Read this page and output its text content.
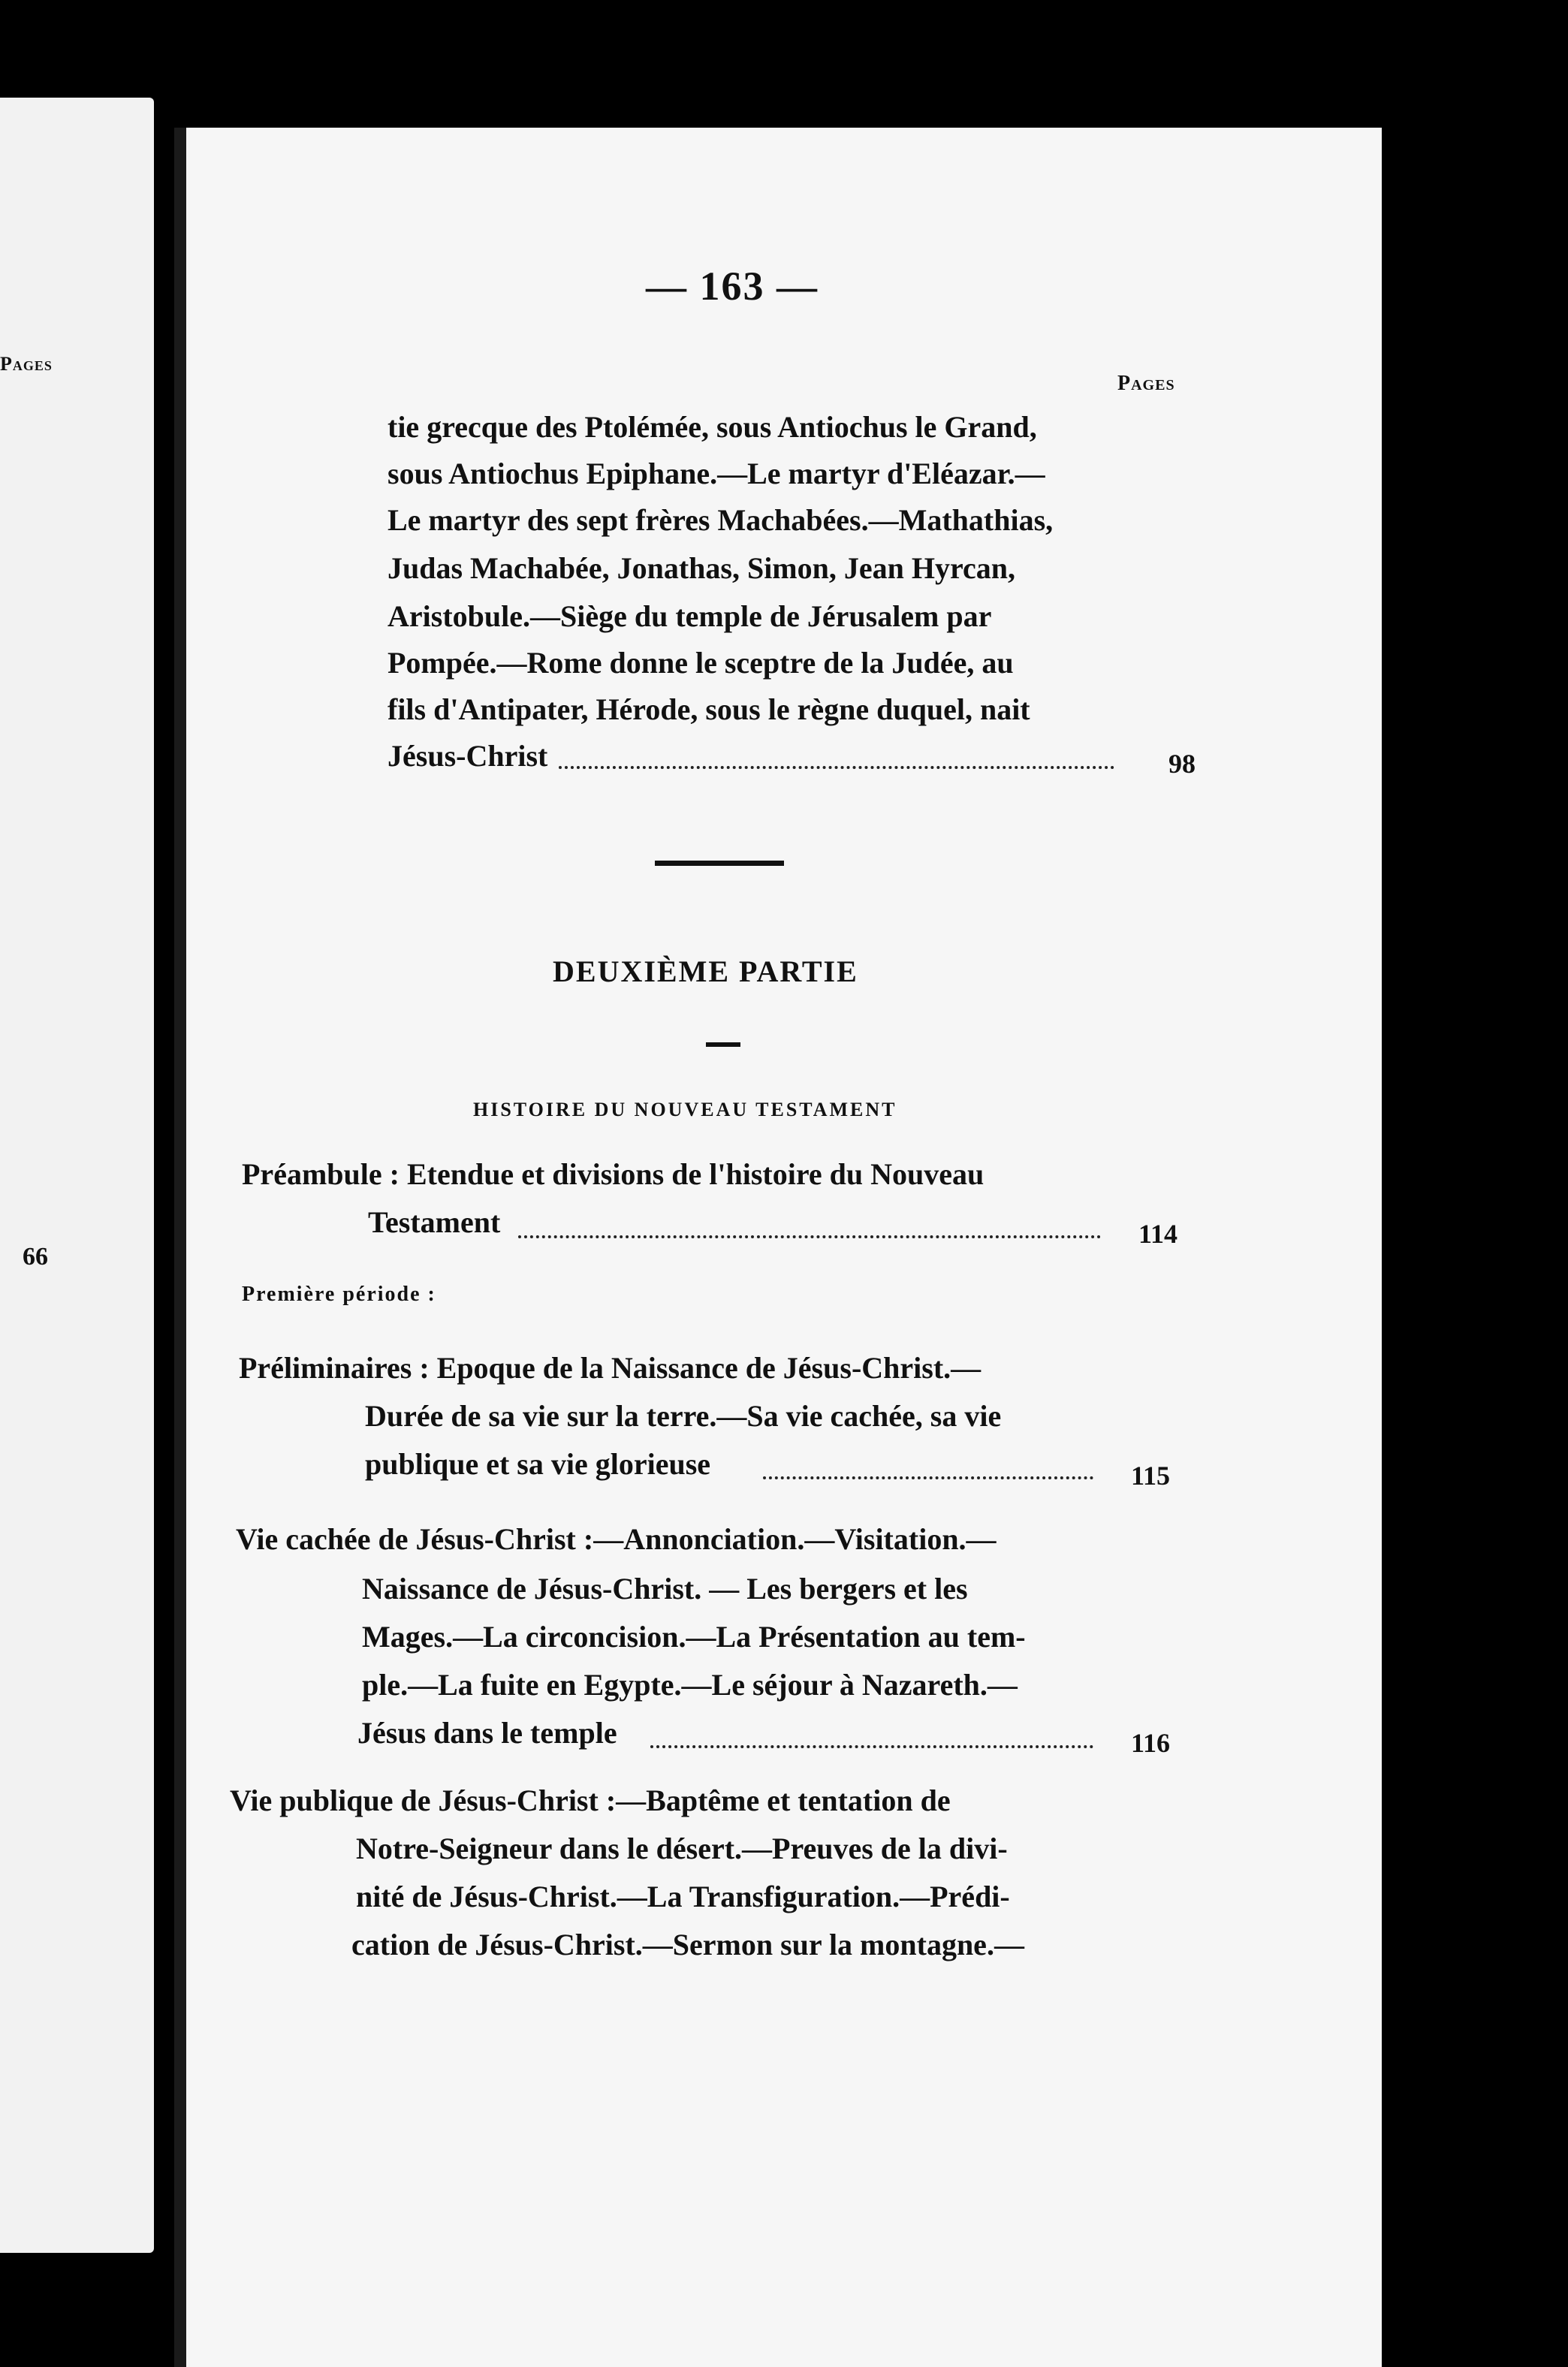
Pages
66
— 163 —
Pages
tie grecque des Ptolémée, sous Antiochus le Grand,
sous Antiochus Epiphane.—Le martyr d'Eléazar.—
Le martyr des sept frères Machabées.—Mathathias,
Judas Machabée, Jonathas, Simon, Jean Hyrcan,
Aristobule.—Siège du temple de Jérusalem par
Pompée.—Rome donne le sceptre de la Judée, au
fils d'Antipater, Hérode, sous le règne duquel, nait
Jésus-Christ	98
DEUXIÈME PARTIE
HISTOIRE DU NOUVEAU TESTAMENT
Préambule : Etendue et divisions de l'histoire du Nouveau
Testament	114
Première période :
Préliminaires : Epoque de la Naissance de Jésus-Christ.—
Durée de sa vie sur la terre.—Sa vie cachée, sa vie
publique et sa vie glorieuse	115
Vie cachée de Jésus-Christ :—Annonciation.—Visitation.—
Naissance de Jésus-Christ. — Les bergers et les
Mages.—La circoncision.—La Présentation au tem-
ple.—La fuite en Egypte.—Le séjour à Nazareth.—
Jésus dans le temple	116
Vie publique de Jésus-Christ :—Baptême et tentation de
Notre-Seigneur dans le désert.—Preuves de la divi-
nité de Jésus-Christ.—La Transfiguration.—Prédi-
cation de Jésus-Christ.—Sermon sur la montagne.—
